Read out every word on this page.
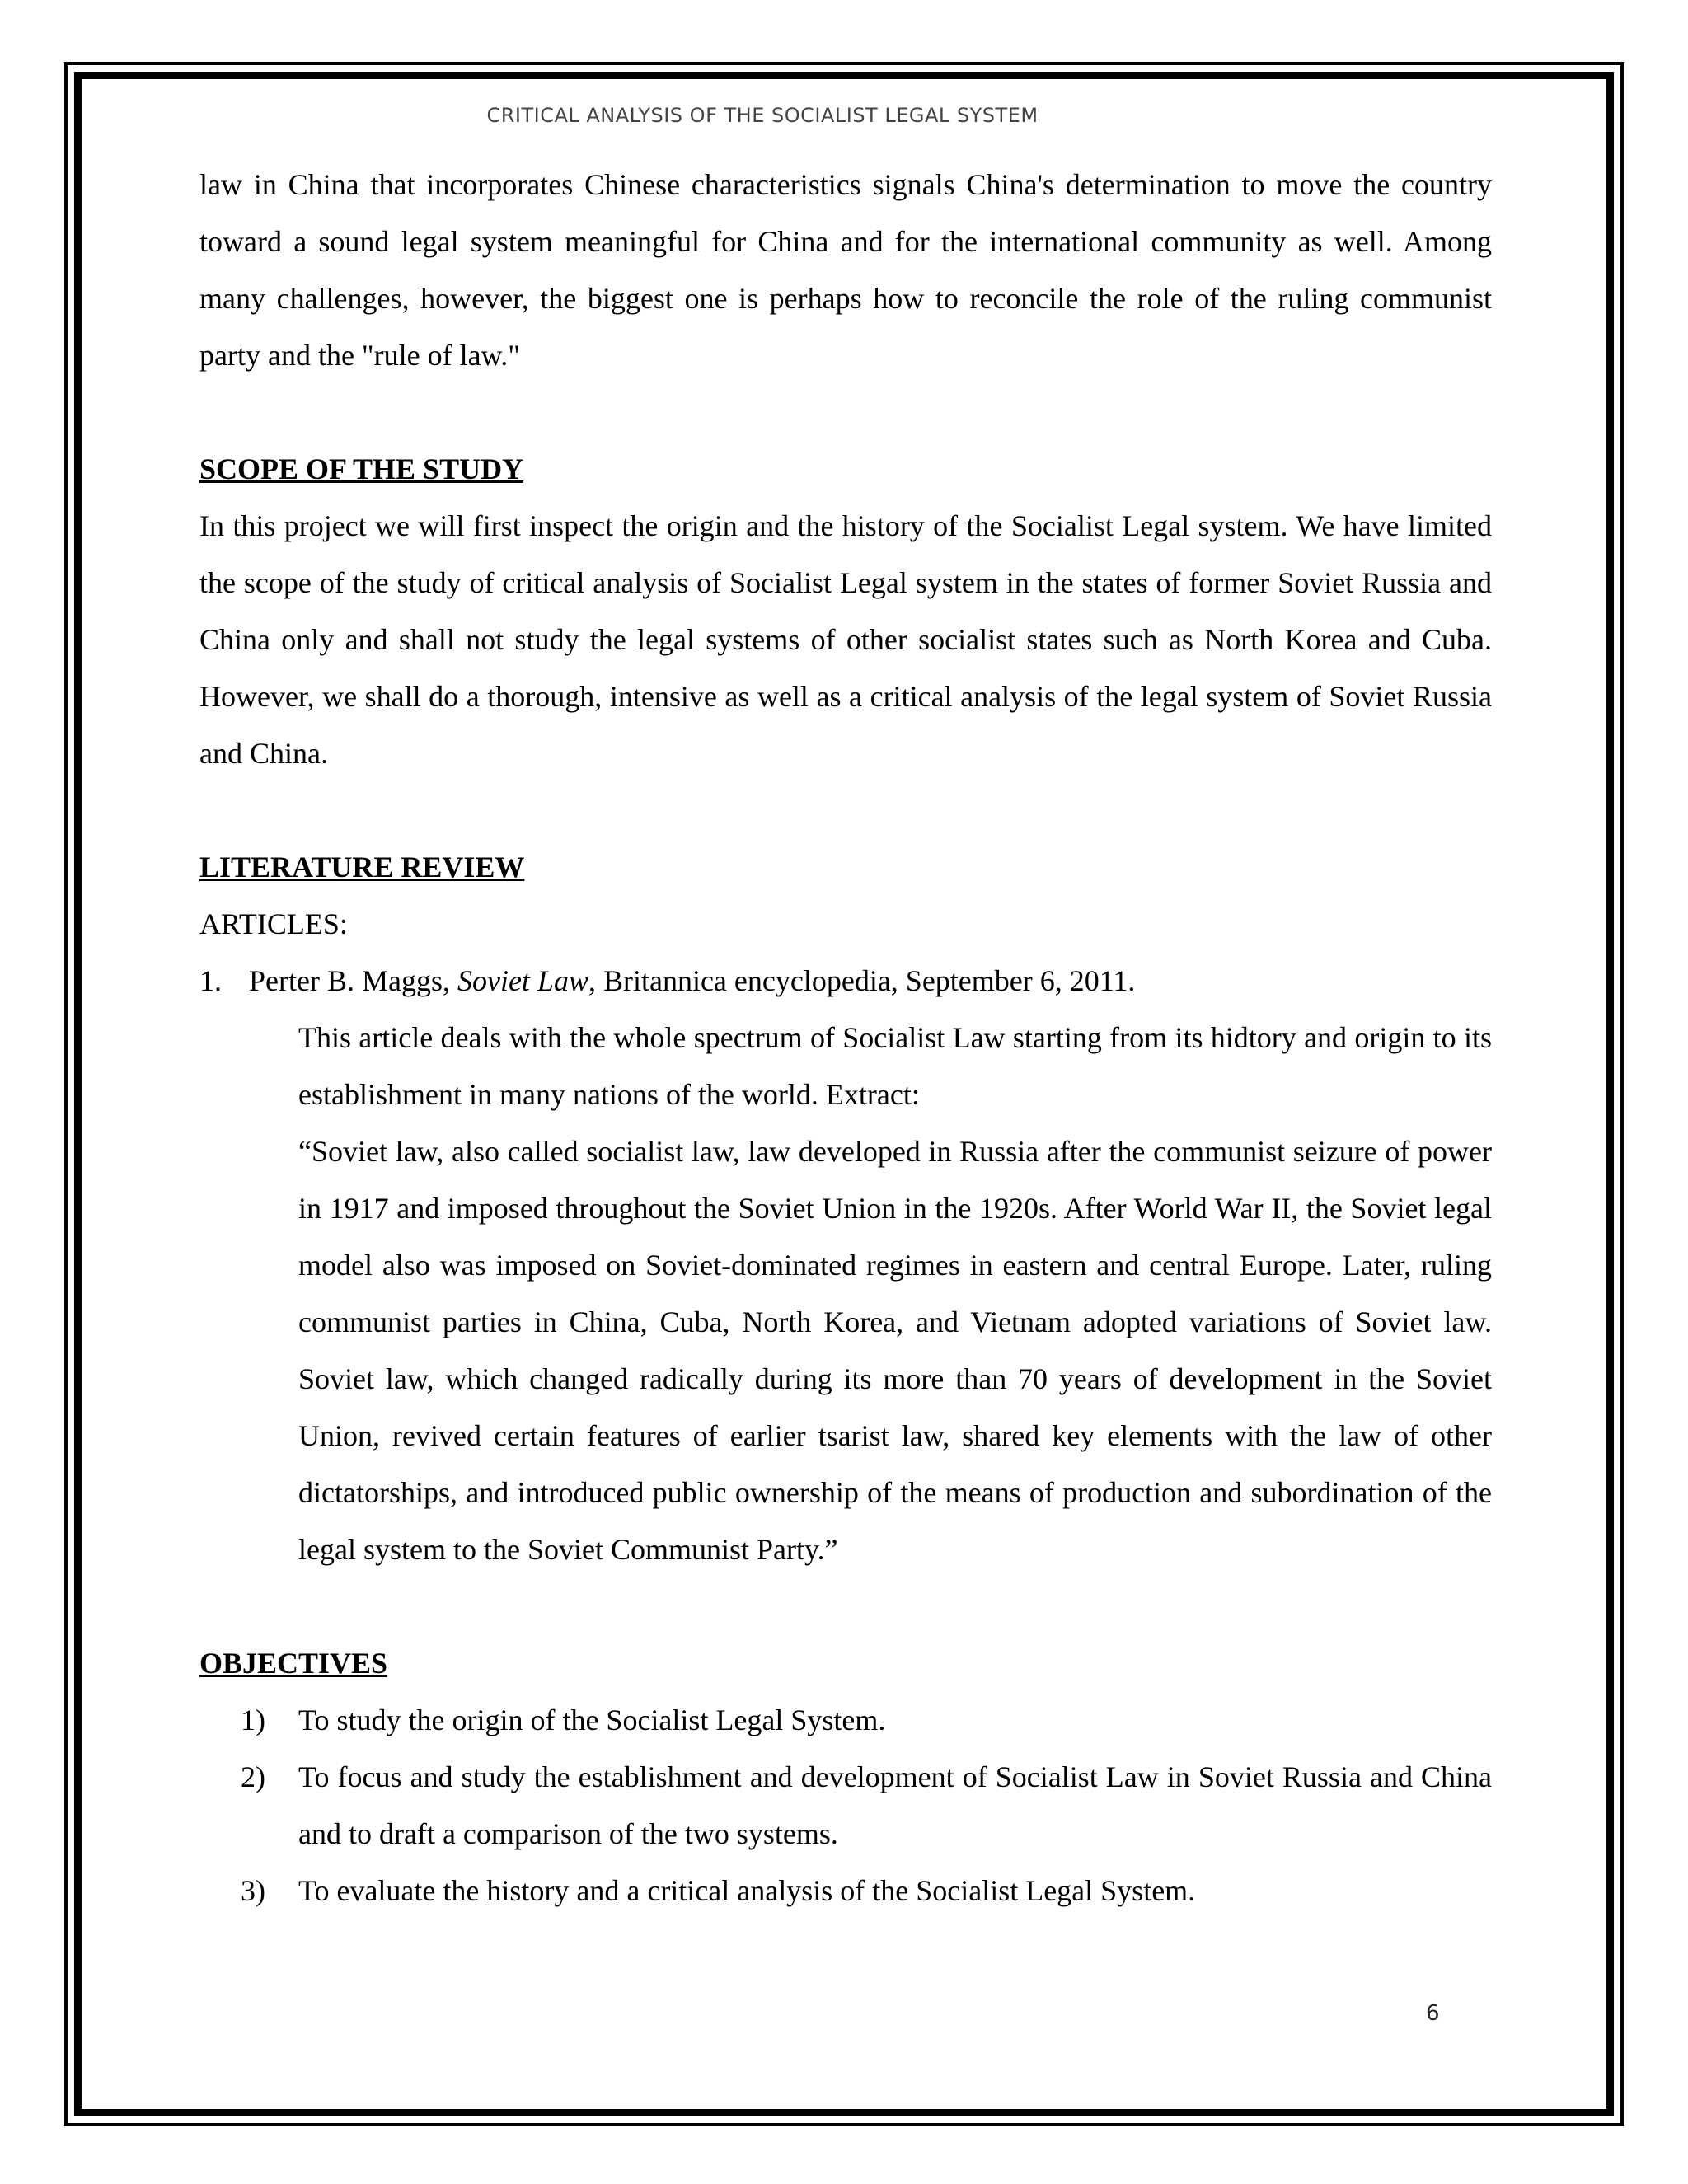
CRITICAL ANALYSIS OF THE SOCIALIST LEGAL SYSTEM

law in China that incorporates Chinese characteristics signals China's determination to move the country toward a sound legal system meaningful for China and for the international community as well. Among many challenges, however, the biggest one is perhaps how to reconcile the role of the ruling communist party and the "rule of law."

SCOPE OF THE STUDY

In this project we will first inspect the origin and the history of the Socialist Legal system. We have limited the scope of the study of critical analysis of Socialist Legal system in the states of former Soviet Russia and China only and shall not study the legal systems of other socialist states such as North Korea and Cuba. However, we shall do a thorough, intensive as well as a critical analysis of the legal system of Soviet Russia and China.

LITERATURE REVIEW

ARTICLES:

1. Perter B. Maggs, Soviet Law, Britannica encyclopedia, September 6, 2011.

This article deals with the whole spectrum of Socialist Law starting from its hidtory and origin to its establishment in many nations of the world. Extract:

“Soviet law, also called socialist law, law developed in Russia after the communist seizure of power in 1917 and imposed throughout the Soviet Union in the 1920s. After World War II, the Soviet legal model also was imposed on Soviet-dominated regimes in eastern and central Europe. Later, ruling communist parties in China, Cuba, North Korea, and Vietnam adopted variations of Soviet law. Soviet law, which changed radically during its more than 70 years of development in the Soviet Union, revived certain features of earlier tsarist law, shared key elements with the law of other dictatorships, and introduced public ownership of the means of production and subordination of the legal system to the Soviet Communist Party.”

OBJECTIVES

1)	To study the origin of the Socialist Legal System.
2)	To focus and study the establishment and development of Socialist Law in Soviet Russia and China and to draft a comparison of the two systems.
3)	To evaluate the history and a critical analysis of the Socialist Legal System.
6
